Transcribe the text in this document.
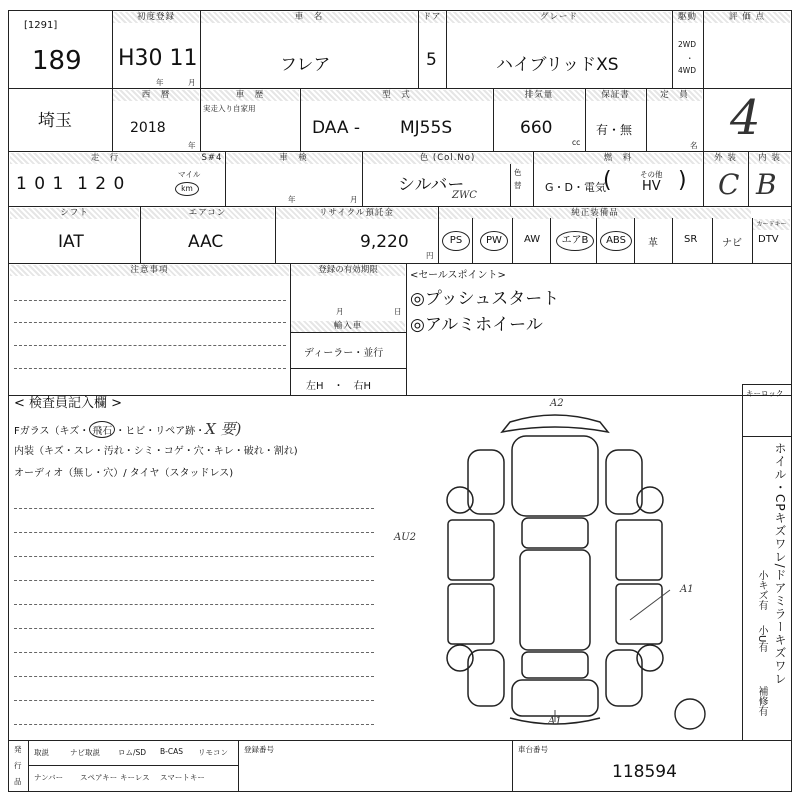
[1291]
189
初度登録
H30 11
年	月
車　名
フレア
ドア
5
グレード
ハイブリッドXS
駆動
2WD
・
4WD
評 価 点
4
埼玉
西　暦
2018
年
車　歴
実走入り自家用
型　式
DAA - MJ55S
排気量
660
cc
保証書
有・無
定　員
名
走　行
1 0 1  1 2 0	マイル
km
S#4	車　検
年	月
色 (Col.No)
シルバー
ZWC
色替
燃　料
G・D・電気
(	その他
HV )
外 装
C
内 装
B
シフト
IAT
エアコン
AAC
リサイクル預託金
9,220
円
純正装備品
カードキー
PS	PW	AW	エアB	ABS	革	SR ナビ DTV
注意事項	登録の有効期限
月	日
輸入車
ディーラー・並行
左H　・　右H
<セールスポイント>
◎プッシュスタート
◎アルミホイール
< 検査員記入欄 >
Fガラス（キズ・ 飛石 ・ヒビ・リペア跡・X 要)
内装（キズ・スレ・汚れ・シミ・コゲ・穴・キレ・破れ・割れ)
オーディオ（無し・穴）/ タイヤ（スタッドレス)
キーロック
ホイル・CPキズワレ/ドアミラーキズワレ
小キズ有
小U有
補修有
A2
AU2
A1
A1
発
行
品
取説	ナビ取説 ロム/SD B-CAS リモコン
ナンバー スペアキー キーレス スマートキー
登録番号	車台番号
118594
